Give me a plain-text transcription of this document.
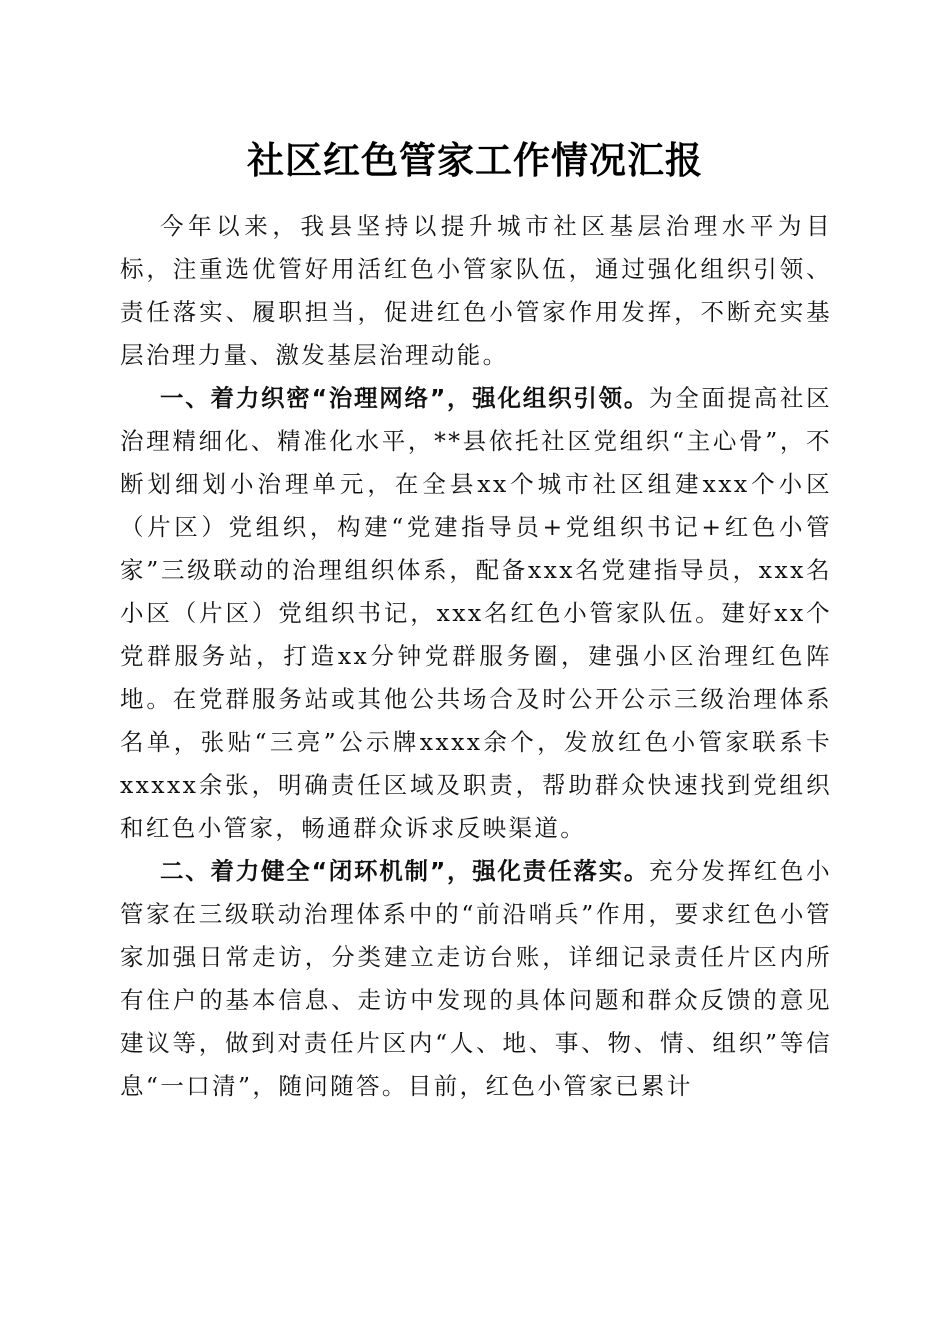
社区红色管家工作情况汇报

今年以来，我县坚持以提升城市社区基层治理水平为目标，注重选优管好用活红色小管家队伍，通过强化组织引领、责任落实、履职担当，促进红色小管家作用发挥，不断充实基层治理力量、激发基层治理动能。

一、着力织密“治理网络”，强化组织引领。为全面提高社区治理精细化、精准化水平，**县依托社区党组织“主心骨”，不断划细划小治理单元，在全县xx个城市社区组建xxx个小区（片区）党组织，构建“党建指导员+党组织书记+红色小管家”三级联动的治理组织体系，配备xxx名党建指导员，xxx名小区（片区）党组织书记，xxx名红色小管家队伍。建好xx个党群服务站，打造xx分钟党群服务圈，建强小区治理红色阵地。在党群服务站或其他公共场合及时公开公示三级治理体系名单，张贴“三亮”公示牌xxxx余个，发放红色小管家联系卡xxxxx余张，明确责任区域及职责，帮助群众快速找到党组织和红色小管家，畅通群众诉求反映渠道。

二、着力健全“闭环机制”，强化责任落实。充分发挥红色小管家在三级联动治理体系中的“前沿哨兵”作用，要求红色小管家加强日常走访，分类建立走访台账，详细记录责任片区内所有住户的基本信息、走访中发现的具体问题和群众反馈的意见建议等，做到对责任片区内“人、地、事、物、情、组织”等信息“一口清”，随问随答。目前，红色小管家已累计
